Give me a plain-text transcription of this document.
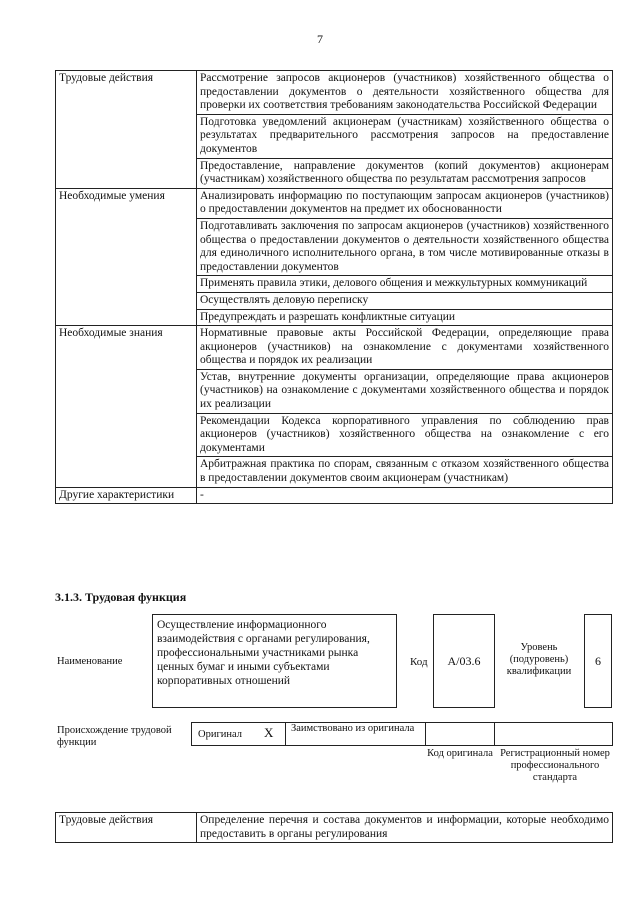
7
Трудовые действия	Рассмотрение запросов акционеров (участников) хозяйственного общества о предоставлении документов о деятельности хозяйственного общества для проверки их соответствия требованиям законодательства Российской Федерации
	Подготовка уведомлений акционерам (участникам) хозяйственного общества о результатах предварительного рассмотрения запросов на предоставление документов
	Предоставление, направление документов (копий документов) акционерам (участникам) хозяйственного общества по результатам рассмотрения запросов
Необходимые умения	Анализировать информацию по поступающим запросам акционеров (участников) о предоставлении документов на предмет их обоснованности
	Подготавливать заключения по запросам акционеров (участников) хозяйственного общества о предоставлении документов о деятельности хозяйственного общества для единоличного исполнительного органа, в том числе мотивированные отказы в предоставлении документов
	Применять правила этики, делового общения и межкультурных коммуникаций
	Осуществлять деловую переписку
	Предупреждать и разрешать конфликтные ситуации
Необходимые знания	Нормативные правовые акты Российской Федерации, определяющие права акционеров (участников) на ознакомление с документами хозяйственного общества и порядок их реализации
	Устав, внутренние документы организации, определяющие права акционеров (участников) на ознакомление с документами хозяйственного общества и порядок их реализации
	Рекомендации Кодекса корпоративного управления по соблюдению прав акционеров (участников) хозяйственного общества на ознакомление с его документами
	Арбитражная практика по спорам, связанным с отказом хозяйственного общества в предоставлении документов своим акционерам (участникам)
Другие характеристики	-
3.1.3. Трудовая функция
Наименование
Осуществление информационного взаимодействия с органами регулирования, профессиональными участниками рынка ценных бумаг и иными субъектами корпоративных отношений
Код	A/03.6
Уровень (подуровень) квалификации
6
Происхождение трудовой функции
Оригинал X Заимствовано из оригинала
Код оригинала Регистрационный номер профессионального стандарта
Трудовые действия	Определение перечня и состава документов и информации, которые необходимо предоставить в органы регулирования
